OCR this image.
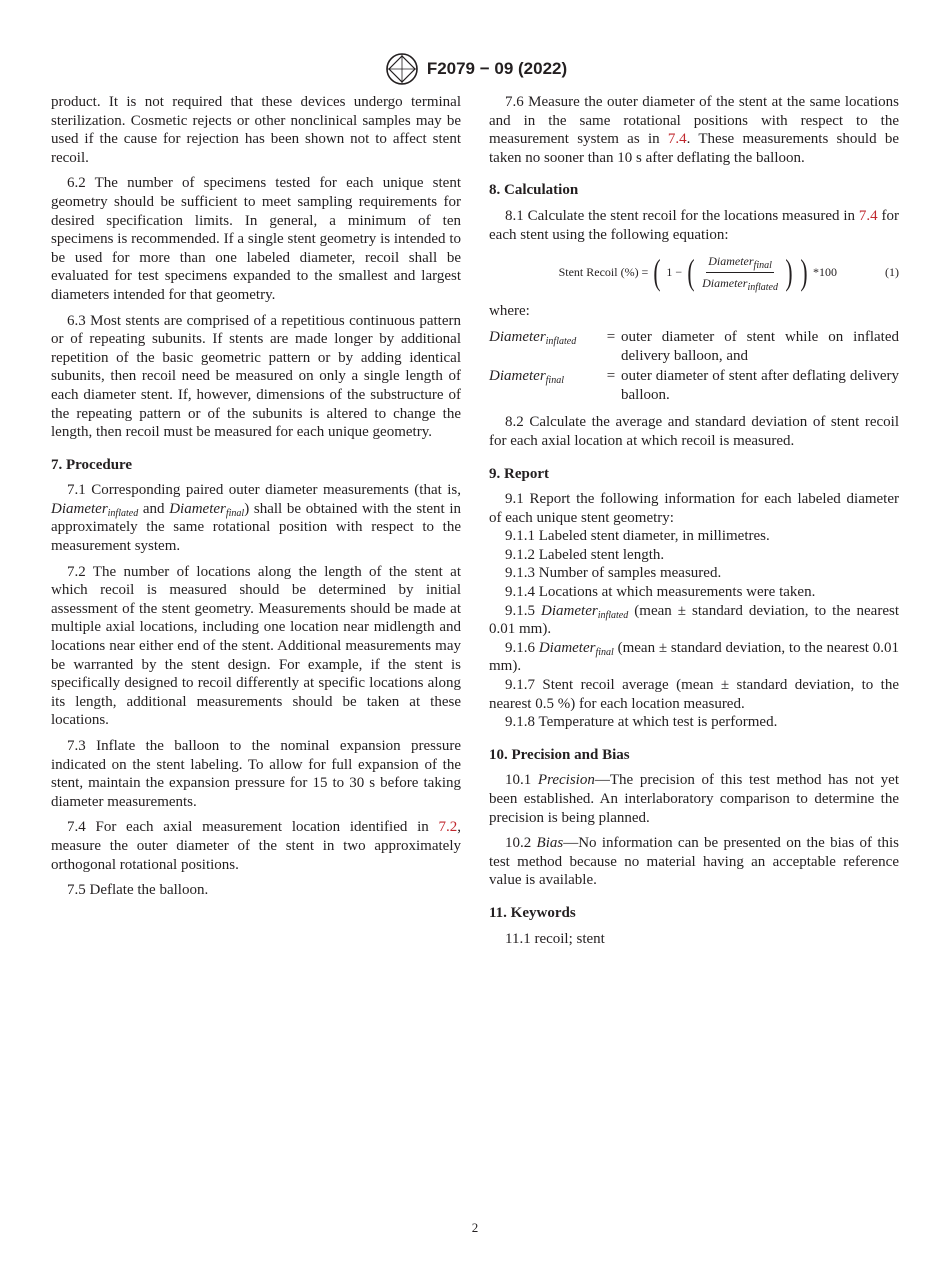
F2079 − 09 (2022)

product. It is not required that these devices undergo terminal sterilization. Cosmetic rejects or other nonclinical samples may be used if the cause for rejection has been shown not to affect stent recoil.

6.2 The number of specimens tested for each unique stent geometry should be sufficient to meet sampling requirements for desired specification limits. In general, a minimum of ten specimens is recommended. If a single stent geometry is intended to be used for more than one labeled diameter, recoil shall be evaluated for test specimens expanded to the smallest and largest diameters intended for that geometry.

6.3 Most stents are comprised of a repetitious continuous pattern or of repeating subunits. If stents are made longer by additional repetition of the basic geometric pattern or by adding identical subunits, then recoil need be measured on only a single length of each diameter stent. If, however, dimensions of the substructure of the repeating pattern or of the subunits is altered to change the length, then recoil must be measured for each unique geometry.

7. Procedure

7.1 Corresponding paired outer diameter measurements (that is, Diameter$_{inflated}$ and Diameter$_{final}$) shall be obtained with the stent in approximately the same rotational position with respect to the measurement system.

7.2 The number of locations along the length of the stent at which recoil is measured should be determined by initial assessment of the stent geometry. Measurements should be made at multiple axial locations, including one location near midlength and locations near either end of the stent. Additional measurements may be warranted by the stent design. For example, if the stent is specifically designed to recoil differently at specific locations along its length, additional measurements should be taken at these locations.

7.3 Inflate the balloon to the nominal expansion pressure indicated on the stent labeling. To allow for full expansion of the stent, maintain the expansion pressure for 15 to 30 s before taking diameter measurements.

7.4 For each axial measurement location identified in 7.2, measure the outer diameter of the stent in two approximately orthogonal rotational positions.

7.5 Deflate the balloon.

7.6 Measure the outer diameter of the stent at the same locations and in the same rotational positions with respect to the measurement system as in 7.4. These measurements should be taken no sooner than 10 s after deflating the balloon.

8. Calculation

8.1 Calculate the stent recoil for the locations measured in 7.4 for each stent using the following equation:

Stent Recoil (%) = ( 1 − ( $\frac{Diameter_{final}}{Diameter_{inflated}}$ ) ) *100	(1)

where:

Diameter$_{inflated}$	= outer diameter of stent while on inflated delivery balloon, and
Diameter$_{final}$	= outer diameter of stent after deflating delivery balloon.

8.2 Calculate the average and standard deviation of stent recoil for each axial location at which recoil is measured.

9. Report

9.1 Report the following information for each labeled diameter of each unique stent geometry:

9.1.1 Labeled stent diameter, in millimetres.
9.1.2 Labeled stent length.
9.1.3 Number of samples measured.
9.1.4 Locations at which measurements were taken.
9.1.5 Diameter$_{inflated}$ (mean ± standard deviation, to the nearest 0.01 mm).
9.1.6 Diameter$_{final}$ (mean ± standard deviation, to the nearest 0.01 mm).
9.1.7 Stent recoil average (mean ± standard deviation, to the nearest 0.5 %) for each location measured.
9.1.8 Temperature at which test is performed.
10. Precision and Bias

10.1 Precision—The precision of this test method has not yet been established. An interlaboratory comparison to determine the precision is being planned.

10.2 Bias—No information can be presented on the bias of this test method because no material having an acceptable reference value is available.

11. Keywords

11.1 recoil; stent

2
